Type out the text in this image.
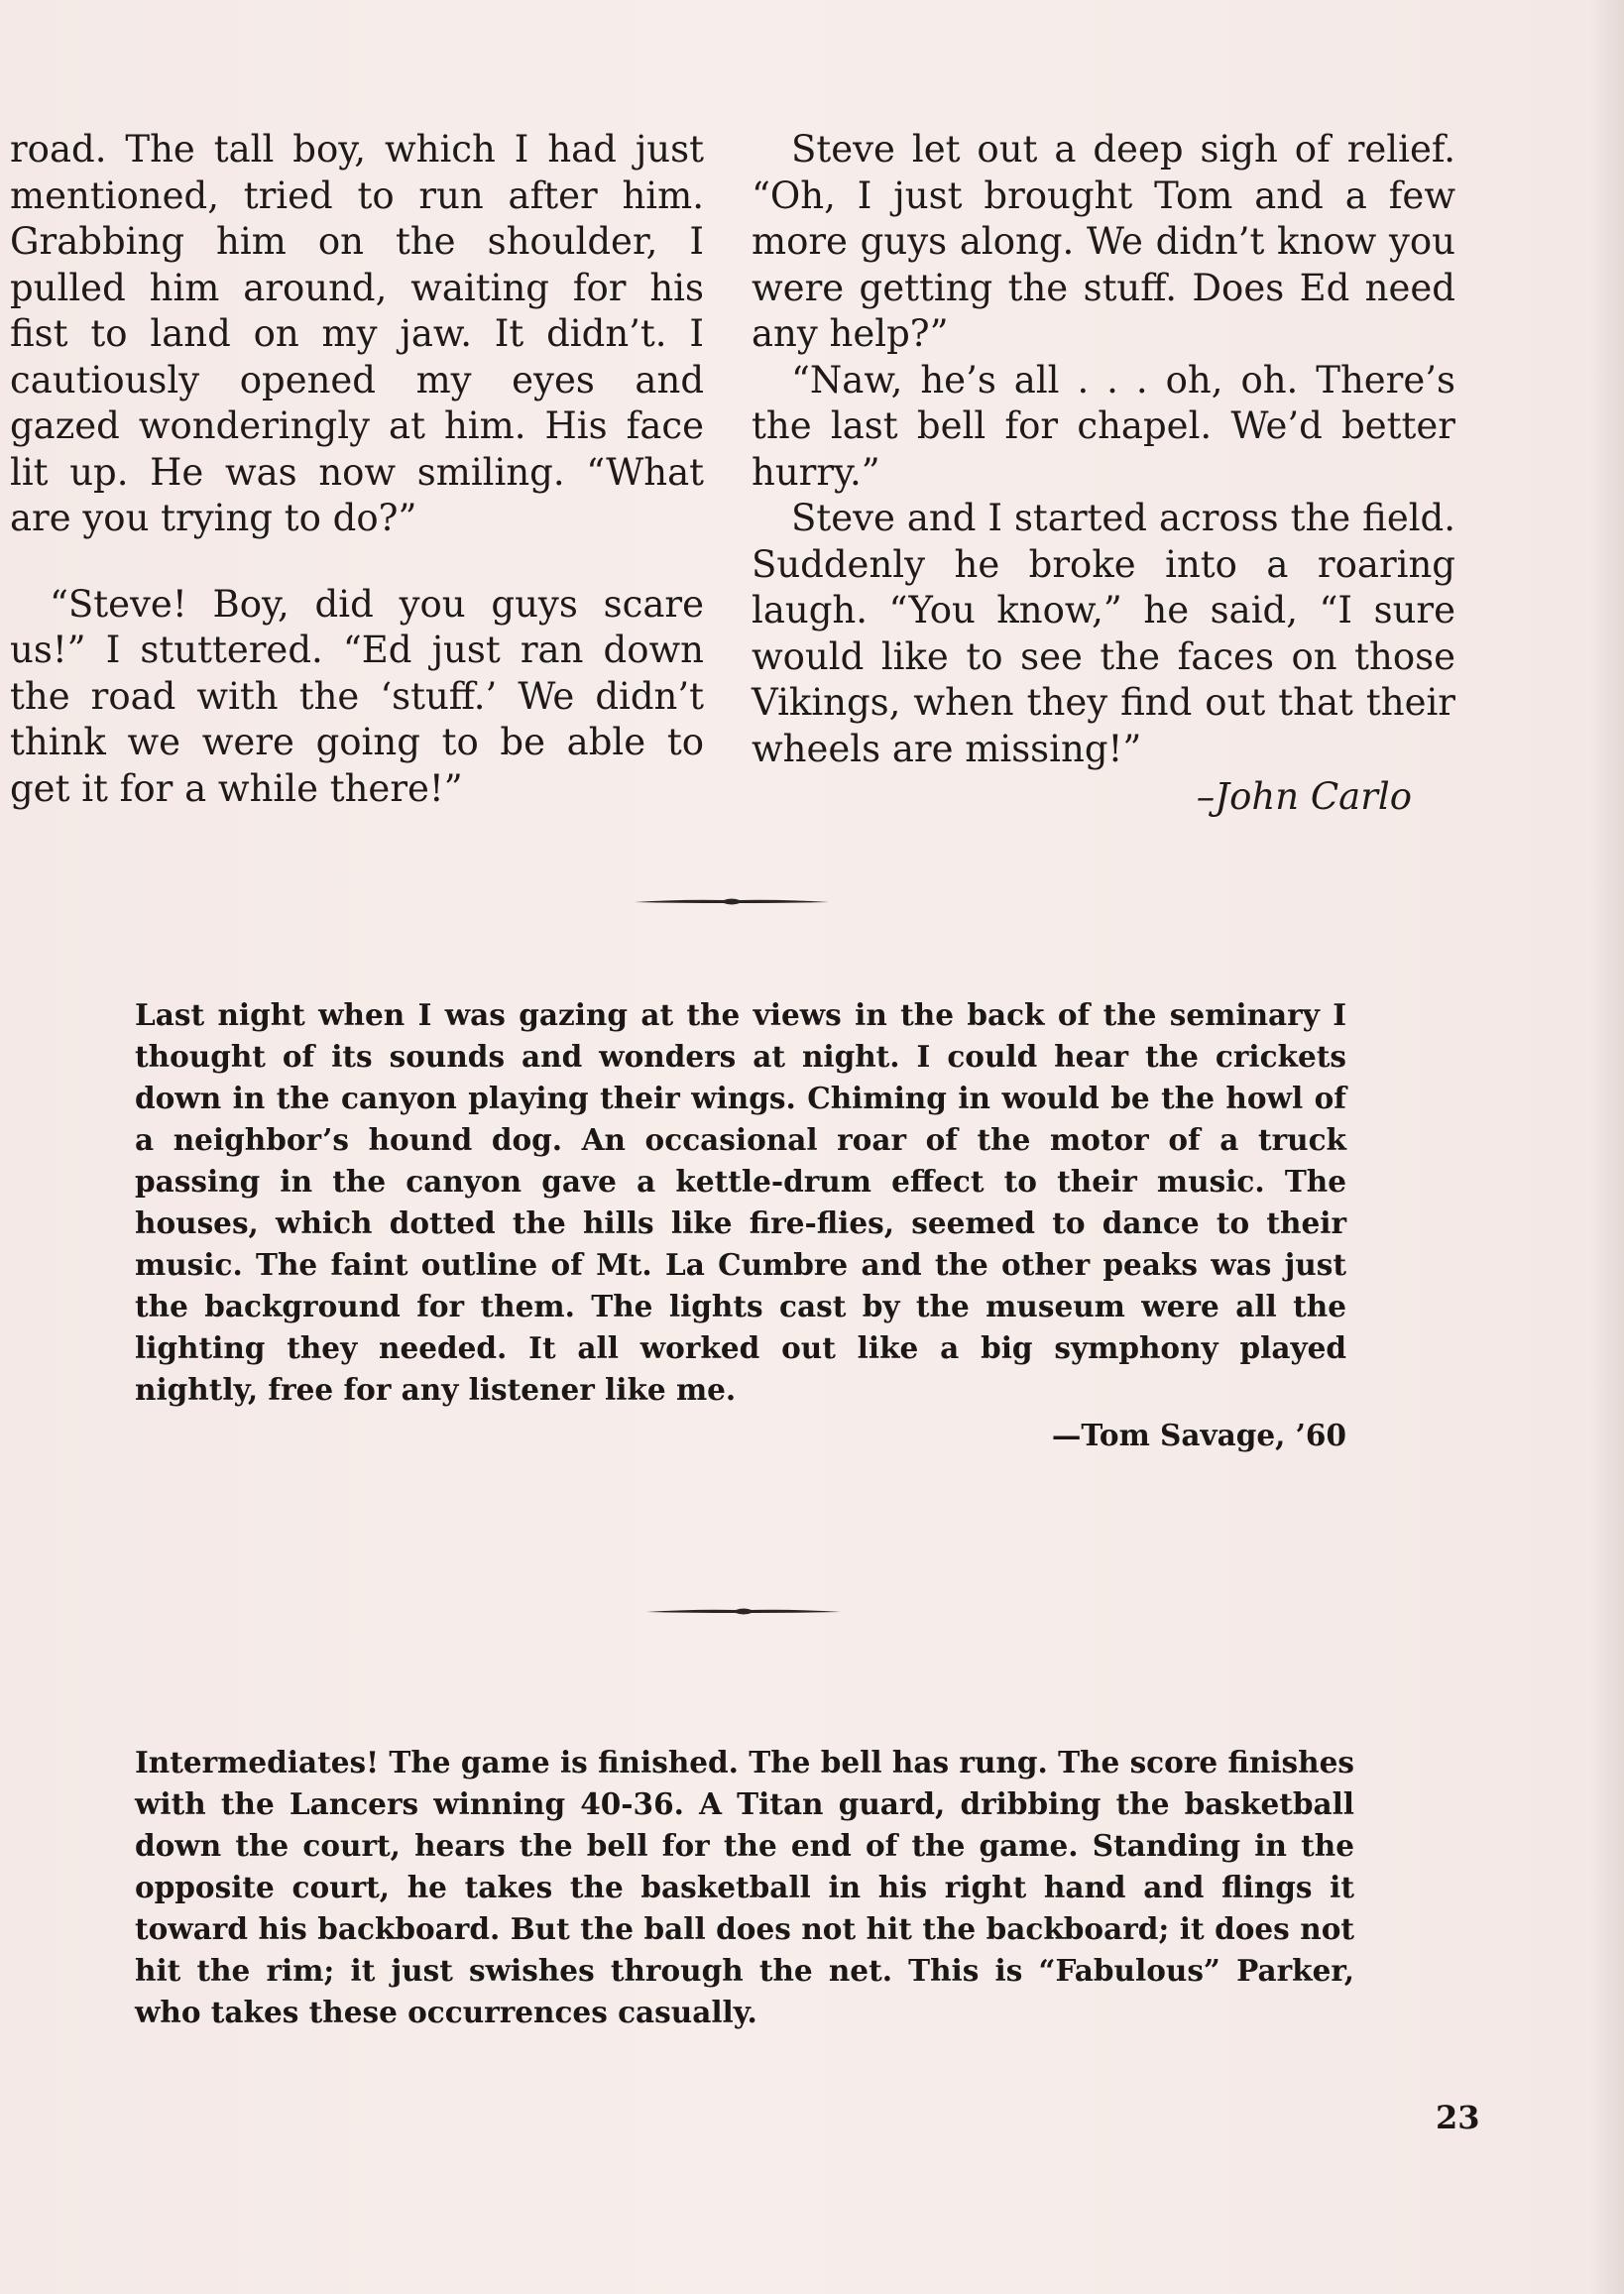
road. The tall boy, which I had just mentioned, tried to run after him. Grabbing him on the shoulder, I pulled him around, waiting for his fist to land on my jaw. It didn’t. I cautiously opened my eyes and gazed wonderingly at him. His face lit up. He was now smiling. “What are you trying to do?”

“Steve! Boy, did you guys scare us!” I stuttered. “Ed just ran down the road with the ‘stuff.’ We didn’t think we were going to be able to get it for a while there!”

Steve let out a deep sigh of relief. “Oh, I just brought Tom and a few more guys along. We didn’t know you were getting the stuff. Does Ed need any help?”

“Naw, he’s all . . . oh, oh. There’s the last bell for chapel. We’d better hurry.”

Steve and I started across the field. Suddenly he broke into a roaring laugh. “You know,” he said, “I sure would like to see the faces on those Vikings, when they find out that their wheels are missing!”

–John Carlo

Last night when I was gazing at the views in the back of the seminary I thought of its sounds and wonders at night. I could hear the crickets down in the canyon playing their wings. Chiming in would be the howl of a neighbor’s hound dog. An occasional roar of the motor of a truck passing in the canyon gave a kettle-drum effect to their music. The houses, which dotted the hills like fire-flies, seemed to dance to their music. The faint outline of Mt. La Cumbre and the other peaks was just the background for them. The lights cast by the museum were all the lighting they needed. It all worked out like a big symphony played nightly, free for any listener like me.

—Tom Savage, ’60

Intermediates! The game is finished. The bell has rung. The score finishes with the Lancers winning 40-36. A Titan guard, dribbing the basketball down the court, hears the bell for the end of the game. Standing in the opposite court, he takes the basketball in his right hand and flings it toward his backboard. But the ball does not hit the backboard; it does not hit the rim; it just swishes through the net. This is “Fabulous” Parker, who takes these occurrences casually.

23
